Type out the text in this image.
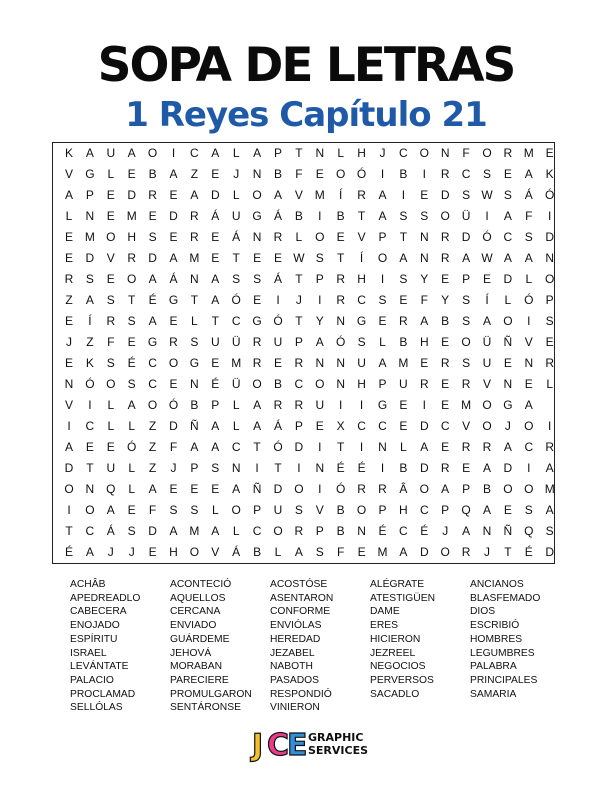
SOPA DE LETRAS
1 Reyes Capítulo 21
K	A	U	A	O	I	C	A	L	A	P	T	N	L	H	J	C O N	F	O R M E
V	G	L	E	B	A	Z	E	J	N	B	F	E	O Ó	I	B	I	R	C	S	E	A	K
A	P	E	D	R	E	A	D	L	O	A	V M	Í	R	A	I	E	D	S W S	Á	Ó
L	N	E M E	D	R	Á	U G	Á	B	I	B	T	A	S	S	O Ü	I	A	F	I
E M O H	S	E	R	E	Á	N	R	L	O	E	V	P	T	N	R	D Ó C	S	D
E	D	V	R	D	A M E	T	E	E W S	T	Í	O	A	N	R	A W A	A	N
R	S	E	O	A	Á	N	A	S	S	Á	T	P	R	H	I	S	Y	E	P	E	D	L	O
Z	A	S	T	É	G	T	A	Ó	E	I	J	I	R	C	S	E	F	Y	S	Í	L	Ó	P
E	Í	R	S	A	E	L	T	C G Ó	T	Y	N G	E	R	A	B	S	A	O	I	S
J	Z	F	E	G R	S	U	Ü	R	U	P	A	Ó	S	L	B	H	E	O Ü	Ñ	V	E
E	K	S	É	C O G	E M R	E	R	N	N	U	A M E	R	S	U	E	N	R
N Ó O	S	C	E	N	É	Ü O	B	C O N	H	P	U	R	E	R	V	N	E	L
V	I	L	A	O Ó	B	P	L	A	R	R	U	I	I	G	E	I	E M O G	A
I	C	L	L	Z	D	Ñ	A	L	A	Á	P	E	X	C	C	E	D	C	V	O	J	O	I
A	E	E	Ó	Z	F	A	A	C	T	Ó D	I	T	I	N	L	A	E	R	R	A	C	R
D	T	U	L	Z	J	P	S	N	I	T	I	N	É	É	I	B	D	R	E	A	D	I	A
O N Q	L	A	E	E	E	A	Ñ	D O	I	Ó R	R	Â	O	A	P	B	O O M
I	O	A	E	F	S	S	L	O	P	U	S	V	B	O	P	H	C	P	Q	A	E	S	A
T	C	Á	S	D	A M A	L	C O R	P	B	N	É	C	É	J	A	N	Ñ Q	S
É	A	J	J	E	H O	V	Á	B	L	A	S	F	E M A	D O R	J	T	É	D
ACHÂB
APEDREADLO
CABECERA
ENOJADO
ESPÍRITU
ISRAEL
LEVÁNTATE
PALACIO
PROCLAMAD
SELLÓLAS
ACONTECIÓ
AQUELLOS
CERCANA
ENVIADO
GUÁRDEME
JEHOVÁ
MORABAN
PARECIERE
PROMULGARON
SENTÁRONSE
ACOSTÓSE
ASENTARON
CONFORME
ENVIÓLAS
HEREDAD
JEZABEL
NABOTH
PASADOS
RESPONDIÓ
VINIERON
ALÉGRATE
ATESTIGÜEN
DAME
ERES
HICIERON
JEZREEL
NEGOCIOS
PERVERSOS
SACADLO
ANCIANOS
BLASFEMADO
DIOS
ESCRIBIÓ
HOMBRES
LEGUMBRES
PALABRA
PRINCIPALES
SAMARIA
J C
E GRAPHIC
SERVICES
